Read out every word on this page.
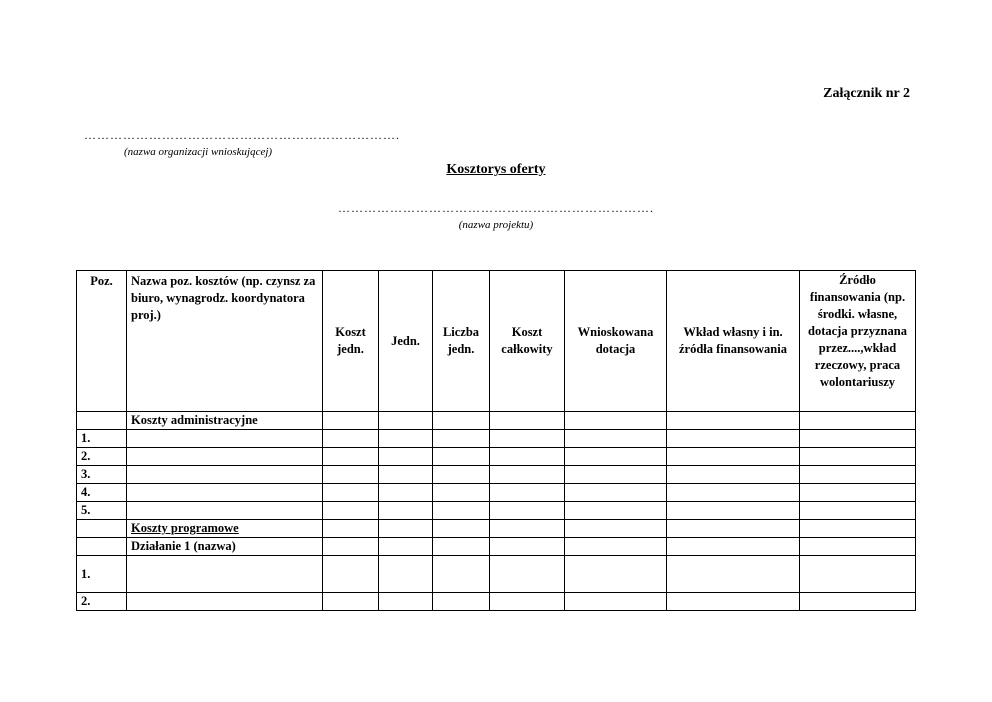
Załącznik nr 2
……………………………………………………………….
(nazwa organizacji wnioskującej)
Kosztorys oferty
……………………………………………………………….
(nazwa projektu)
Poz.	Nazwa poz. kosztów (np. czynsz za biuro, wynagrodz. koordynatora proj.)	Koszt jedn.	Jedn.	Liczba jedn.	Koszt całkowity	Wnioskowana dotacja	Wkład własny i in. źródła finansowania	Źródło finansowania (np. środki. własne, dotacja przyznana przez....,wkład rzeczowy, praca wolontariuszy
	Koszty administracyjne							
1.								
2.								
3.								
4.								
5.								
	Koszty programowe							
	Działanie 1 (nazwa)							
1.								
2.								
